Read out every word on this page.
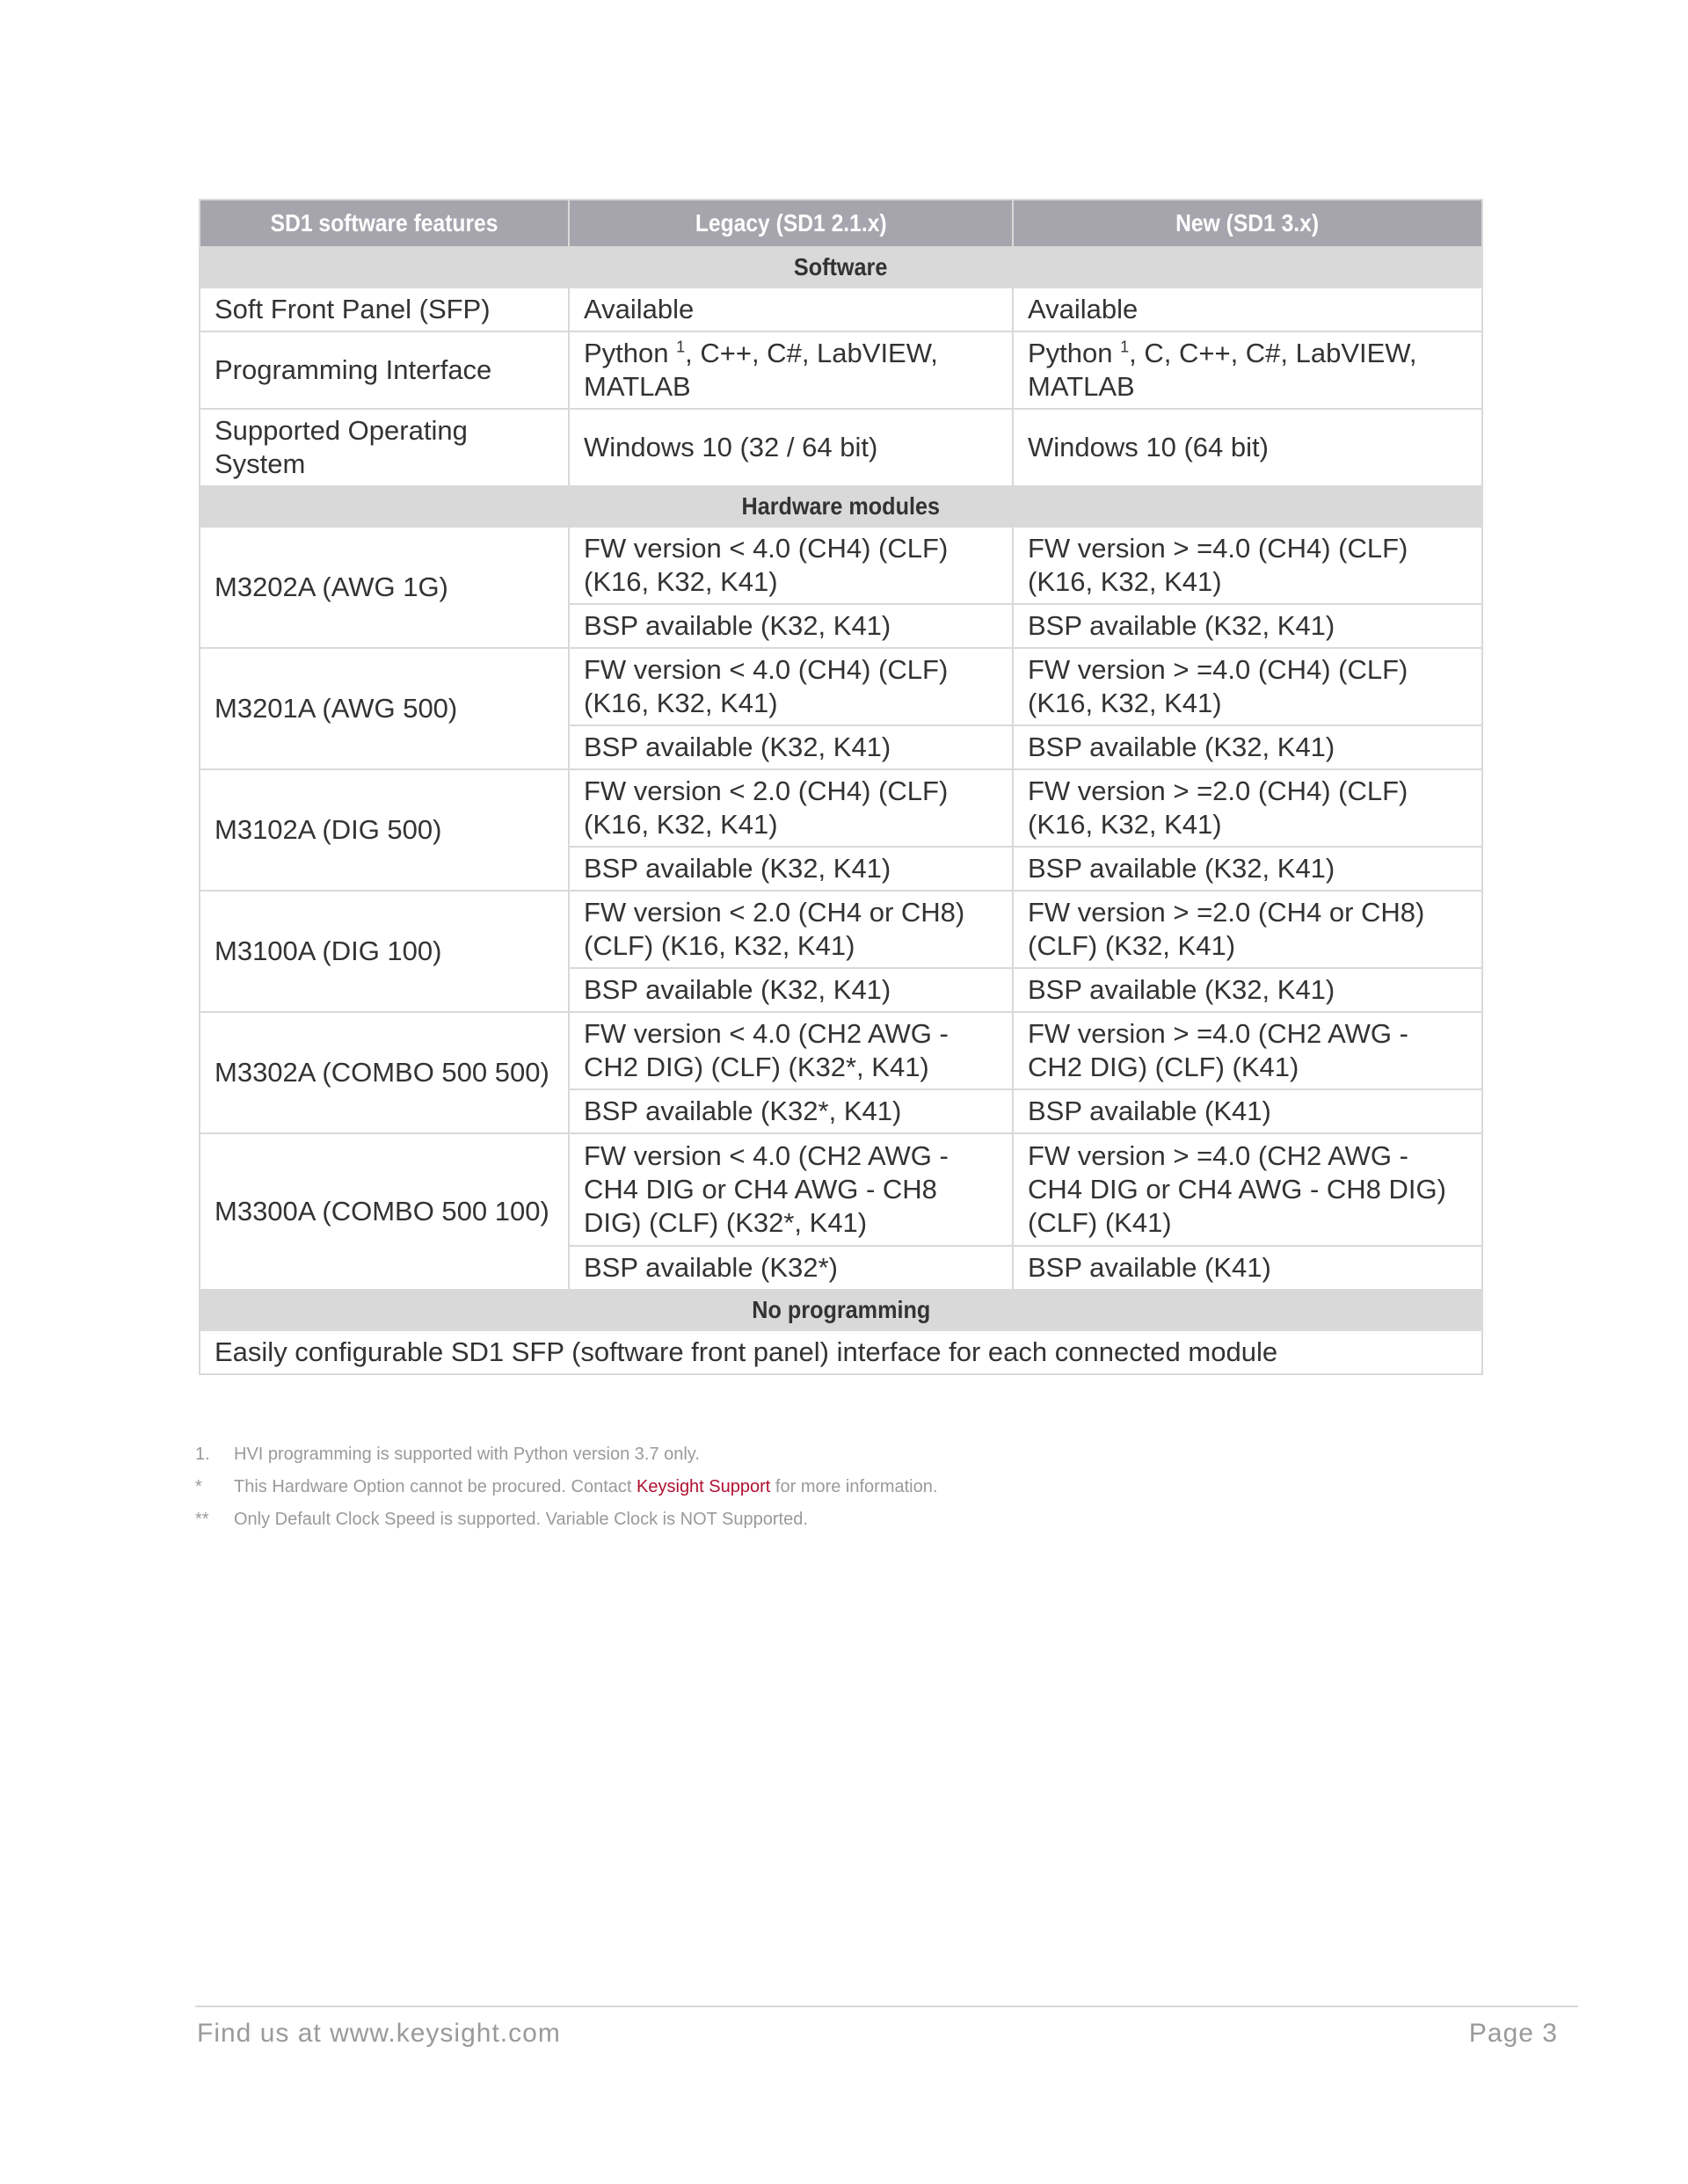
SD1 software features	Legacy (SD1 2.1.x)	New (SD1 3.x)
Software		
Soft Front Panel (SFP)	Available	Available
Programming Interface	Python $^1$, C++, C#, LabVIEW, MATLAB	Python $^1$, C, C++, C#, LabVIEW, MATLAB
Supported Operating System	Windows 10 (32 / 64 bit)	Windows 10 (64 bit)
Hardware modules		
M3202A (AWG 1G)	FW version < 4.0 (CH4) (CLF) (K16, K32, K41)	FW version > =4.0 (CH4) (CLF) (K16, K32, K41)
	BSP available (K32, K41)	BSP available (K32, K41)
M3201A (AWG 500)	FW version < 4.0 (CH4) (CLF) (K16, K32, K41)	FW version > =4.0 (CH4) (CLF) (K16, K32, K41)
	BSP available (K32, K41)	BSP available (K32, K41)
M3102A (DIG 500)	FW version < 2.0 (CH4) (CLF) (K16, K32, K41)	FW version > =2.0 (CH4) (CLF) (K16, K32, K41)
	BSP available (K32, K41)	BSP available (K32, K41)
M3100A (DIG 100)	FW version < 2.0 (CH4 or CH8) (CLF) (K16, K32, K41)	FW version > =2.0 (CH4 or CH8) (CLF) (K32, K41)
	BSP available (K32, K41)	BSP available (K32, K41)
M3302A (COMBO 500 500)	FW version < 4.0 (CH2 AWG - CH2 DIG) (CLF) (K32*, K41)	FW version > =4.0 (CH2 AWG - CH2 DIG) (CLF) (K41)
	BSP available (K32*, K41)	BSP available (K41)
M3300A (COMBO 500 100)	FW version < 4.0 (CH2 AWG - CH4 DIG or CH4 AWG - CH8 DIG) (CLF) (K32*, K41)	FW version > =4.0 (CH2 AWG - CH4 DIG or CH4 AWG - CH8 DIG) (CLF) (K41)
	BSP available (K32*)	BSP available (K41)
No programming		
Easily configurable SD1 SFP (software front panel) interface for each connected module		
1.	HVI programming is supported with Python version 3.7 only.
*	This Hardware Option cannot be procured. Contact Keysight Support for more information.
**	Only Default Clock Speed is supported. Variable Clock is NOT Supported.
Find us at www.keysight.com	Page 3
